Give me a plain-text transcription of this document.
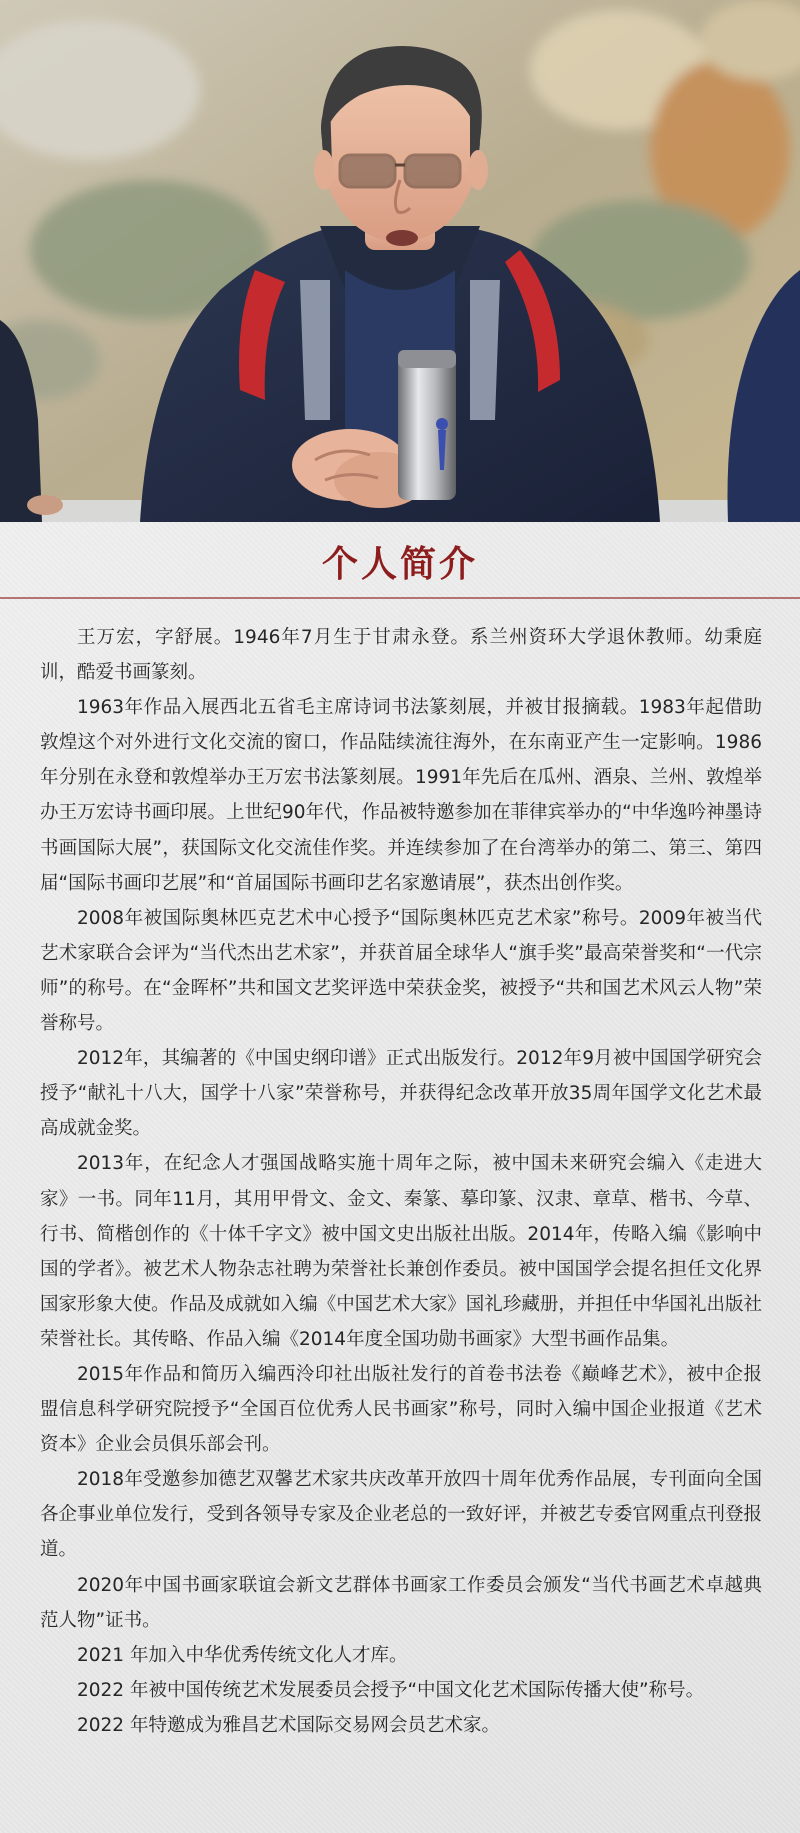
个人简介

王万宏，字舒展。1946年7月生于甘肃永登。系兰州资环大学退休教师。幼秉庭训，酷爱书画篆刻。

1963年作品入展西北五省毛主席诗词书法篆刻展，并被甘报摘载。1983年起借助敦煌这个对外进行文化交流的窗口，作品陆续流往海外，在东南亚产生一定影响。1986年分别在永登和敦煌举办王万宏书法篆刻展。1991年先后在瓜州、酒泉、兰州、敦煌举办王万宏诗书画印展。上世纪90年代，作品被特邀参加在菲律宾举办的“中华逸吟神墨诗书画国际大展”，获国际文化交流佳作奖。并连续参加了在台湾举办的第二、第三、第四届“国际书画印艺展”和“首届国际书画印艺名家邀请展”，获杰出创作奖。

2008年被国际奥林匹克艺术中心授予“国际奥林匹克艺术家”称号。2009年被当代艺术家联合会评为“当代杰出艺术家”，并获首届全球华人“旗手奖”最高荣誉奖和“一代宗师”的称号。在“金晖杯”共和国文艺奖评选中荣获金奖，被授予“共和国艺术风云人物”荣誉称号。

2012年，其编著的《中国史纲印谱》正式出版发行。2012年9月被中国国学研究会授予“献礼十八大，国学十八家”荣誉称号，并获得纪念改革开放35周年国学文化艺术最高成就金奖。

2013年，在纪念人才强国战略实施十周年之际，被中国未来研究会编入《走进大家》一书。同年11月，其用甲骨文、金文、秦篆、摹印篆、汉隶、章草、楷书、今草、行书、简楷创作的《十体千字文》被中国文史出版社出版。2014年，传略入编《影响中国的学者》。被艺术人物杂志社聘为荣誉社长兼创作委员。被中国国学会提名担任文化界国家形象大使。作品及成就如入编《中国艺术大家》国礼珍藏册，并担任中华国礼出版社荣誉社长。其传略、作品入编《2014年度全国功勋书画家》大型书画作品集。

2015年作品和简历入编西泠印社出版社发行的首卷书法卷《巅峰艺术》，被中企报盟信息科学研究院授予“全国百位优秀人民书画家”称号，同时入编中国企业报道《艺术资本》企业会员俱乐部会刊。

2018年受邀参加德艺双馨艺术家共庆改革开放四十周年优秀作品展，专刊面向全国各企事业单位发行，受到各领导专家及企业老总的一致好评，并被艺专委官网重点刊登报道。

2020年中国书画家联谊会新文艺群体书画家工作委员会颁发“当代书画艺术卓越典范人物”证书。

2021 年加入中华优秀传统文化人才库。

2022 年被中国传统艺术发展委员会授予“中国文化艺术国际传播大使”称号。

2022 年特邀成为雅昌艺术国际交易网会员艺术家。
